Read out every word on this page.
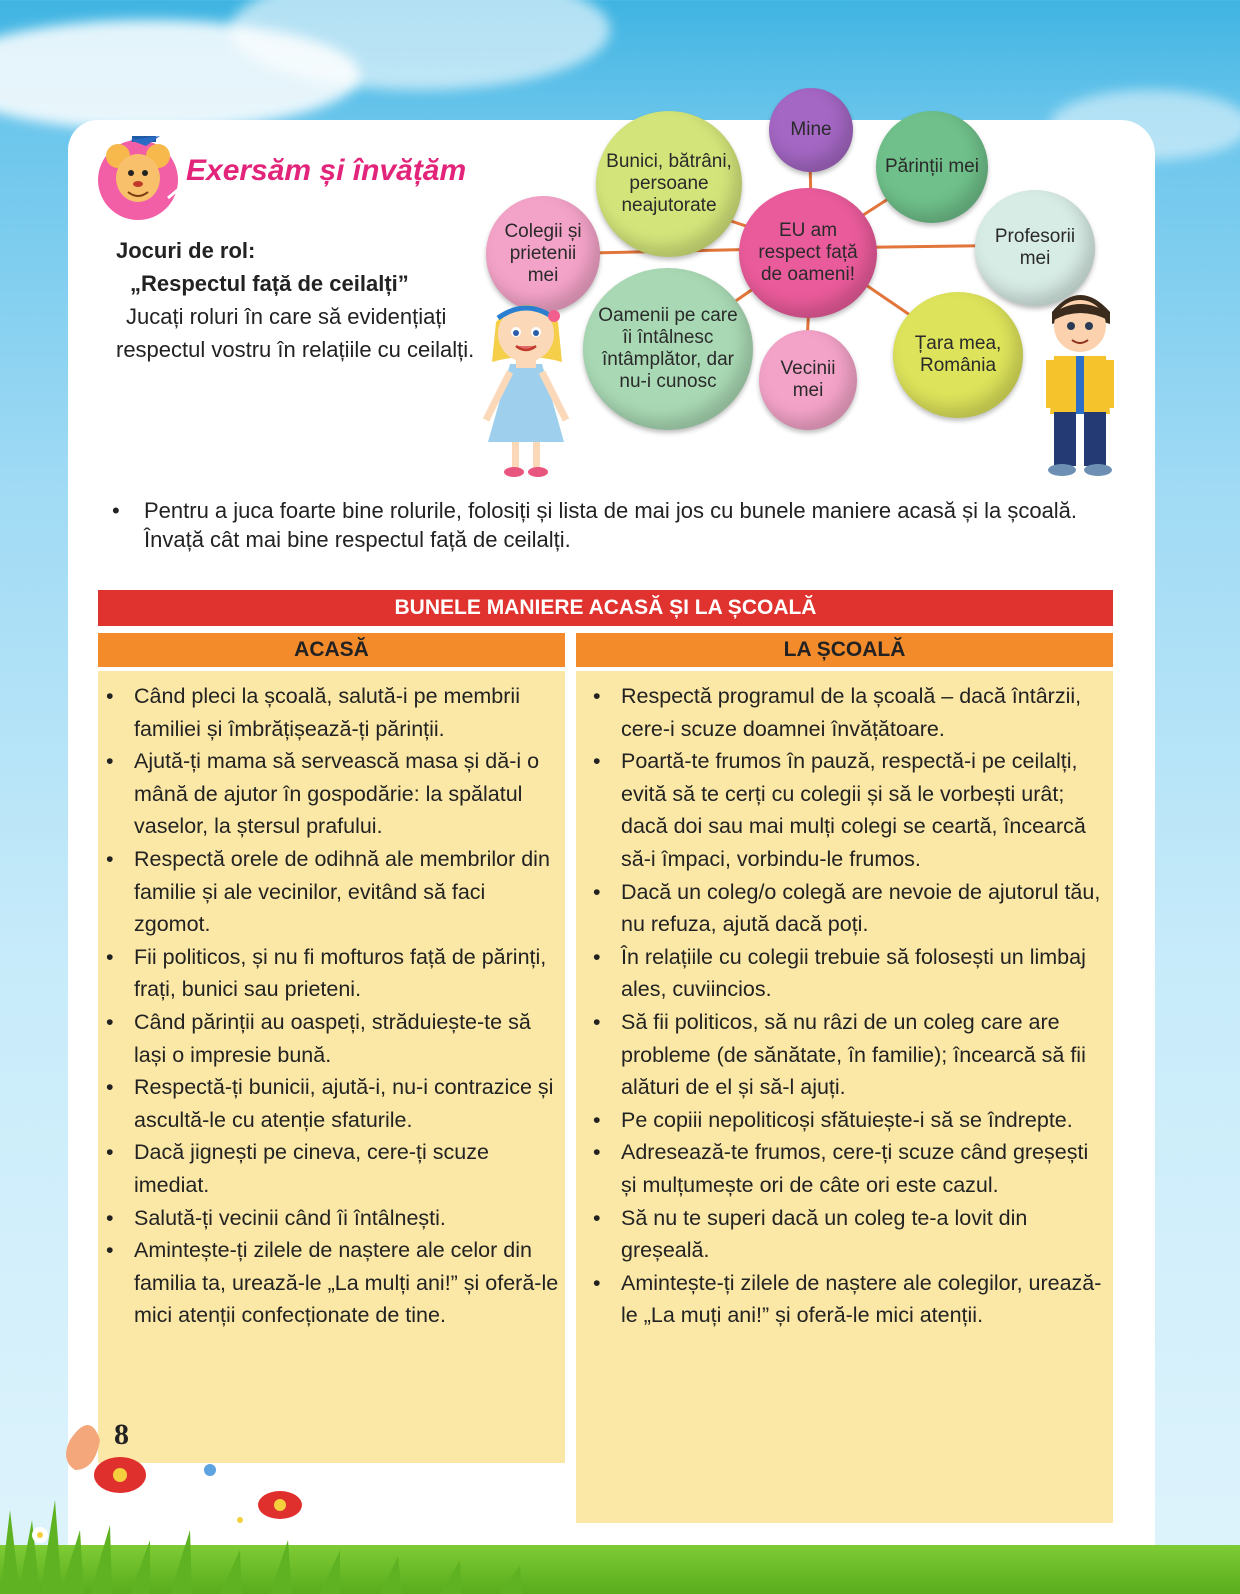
Exersăm și învățăm
Jocuri de rol:
„Respectul față de ceilalți”
Jucați roluri în care să evidențiați respectul vostru în relațiile cu ceilalți.
Bunici, bătrâni, persoane neajutorate
Mine
Părinții mei
Profesorii mei
Colegii și prietenii mei
EU am respect față de oameni!
Oamenii pe care îi întâlnesc întâmplător, dar nu-i cunosc
Vecinii mei
Țara mea, România
•	Pentru a juca foarte bine rolurile, folosiți și lista de mai jos cu bunele maniere acasă și la școală. Învață cât mai bine respectul față de ceilalți.
BUNELE MANIERE ACASĂ ȘI LA ȘCOALĂ
ACASĂ	LA ȘCOALĂ
• Când pleci la școală, salută-i pe membrii familiei și îmbrățișează-ți părinții.
• Ajută-ți mama să servească masa și dă-i o mână de ajutor în gospodărie: la spălatul vaselor, la ștersul prafului.
• Respectă orele de odihnă ale membrilor din familie și ale vecinilor, evitând să faci zgomot.
• Fii politicos, și nu fi mofturos față de părinți, frați, bunici sau prieteni.
• Când părinții au oaspeți, străduiește-te să lași o impresie bună.
• Respectă-ți bunicii, ajută-i, nu-i contrazice și ascultă-le cu atenție sfaturile.
• Dacă jignești pe cineva, cere-ți scuze imediat.
• Salută-ți vecinii când îi întâlnești.
• Amintește-ți zilele de naștere ale celor din familia ta, urează-le „La mulți ani!” și oferă-le mici atenții confecționate de tine.
• Respectă programul de la școală – dacă întârzii, cere-i scuze doamnei învățătoare.
• Poartă-te frumos în pauză, respectă-i pe ceilalți, evită să te cerți cu colegii și să le vorbești urât; dacă doi sau mai mulți colegi se ceartă, încearcă să-i împaci, vorbindu-le frumos.
• Dacă un coleg/o colegă are nevoie de ajutorul tău, nu refuza, ajută dacă poți.
• În relațiile cu colegii trebuie să folosești un limbaj ales, cuviincios.
• Să fii politicos, să nu râzi de un coleg care are probleme (de sănătate, în familie); încearcă să fii alături de el și să-l ajuți.
• Pe copiii nepoliticoși sfătuiește-i să se îndrepte.
• Adresează-te frumos, cere-ți scuze când greșești și mulțumește ori de câte ori este cazul.
• Să nu te superi dacă un coleg te-a lovit din greșeală.
• Amintește-ți zilele de naștere ale colegilor, urează-le „La muți ani!” și oferă-le mici atenții.
8
